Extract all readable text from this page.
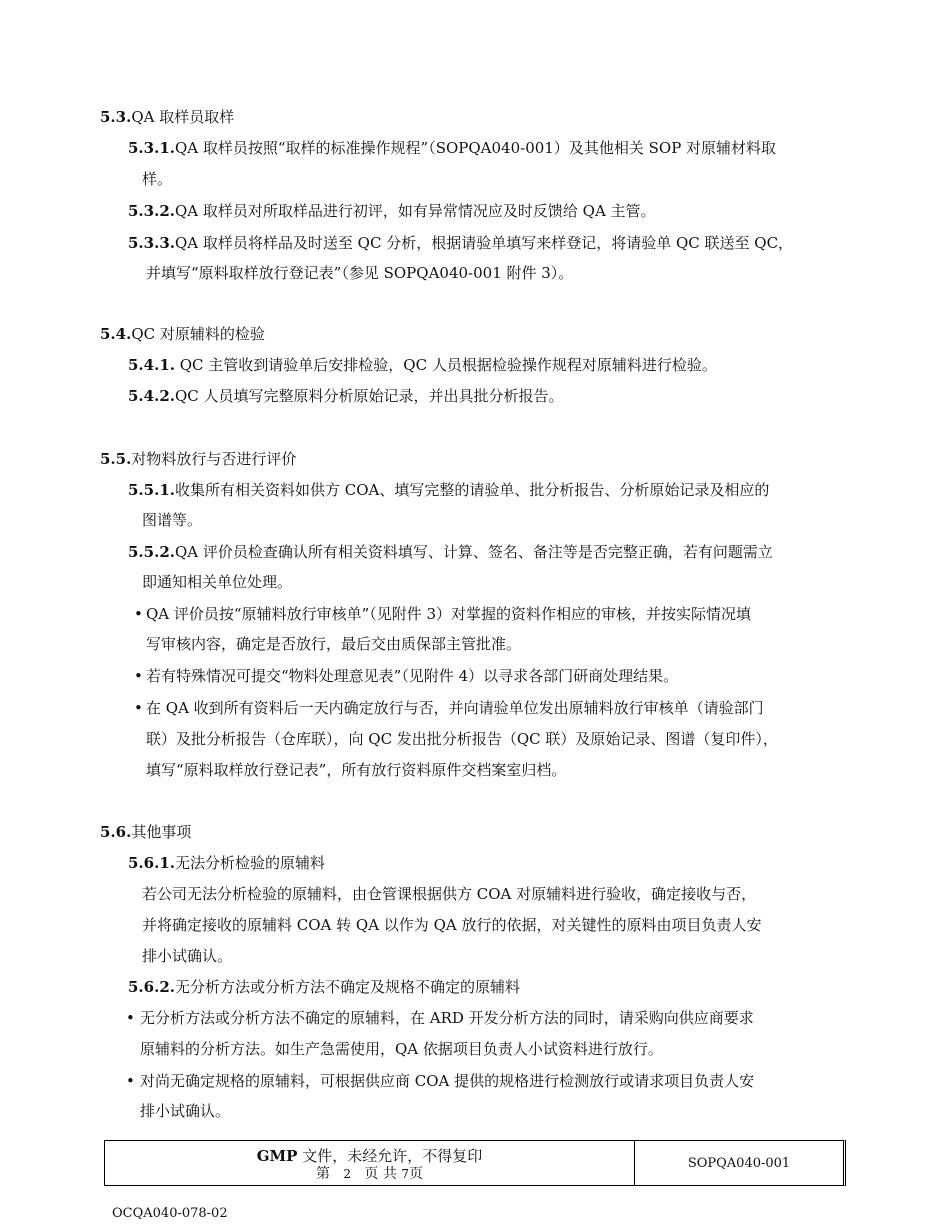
5.3.QA 取样员取样
5.3.1.QA 取样员按照“取样的标准操作规程”（SOPQA040-001）及其他相关 SOP 对原辅材料取
样。
5.3.2.QA 取样员对所取样品进行初评，如有异常情况应及时反馈给 QA 主管。
5.3.3.QA 取样员将样品及时送至 QC 分析，根据请验单填写来样登记，将请验单 QC 联送至 QC，
并填写“原料取样放行登记表”（参见 SOPQA040-001 附件 3）。
5.4.QC 对原辅料的检验
5.4.1. QC 主管收到请验单后安排检验，QC 人员根据检验操作规程对原辅料进行检验。
5.4.2.QC 人员填写完整原料分析原始记录，并出具批分析报告。
5.5.对物料放行与否进行评价
5.5.1.收集所有相关资料如供方 COA、填写完整的请验单、批分析报告、分析原始记录及相应的
图谱等。
5.5.2.QA 评价员检查确认所有相关资料填写、计算、签名、备注等是否完整正确，若有问题需立
即通知相关单位处理。
• QA 评价员按“原辅料放行审核单”（见附件 3）对掌握的资料作相应的审核，并按实际情况填
写审核内容，确定是否放行，最后交由质保部主管批准。
• 若有特殊情况可提交“物料处理意见表”（见附件 4）以寻求各部门研商处理结果。
• 在 QA 收到所有资料后一天内确定放行与否，并向请验单位发出原辅料放行审核单（请验部门
联）及批分析报告（仓库联），向 QC 发出批分析报告（QC 联）及原始记录、图谱（复印件），
填写“原料取样放行登记表”，所有放行资料原件交档案室归档。
5.6.其他事项
5.6.1.无法分析检验的原辅料
若公司无法分析检验的原辅料，由仓管课根据供方 COA 对原辅料进行验收，确定接收与否，
并将确定接收的原辅料 COA 转 QA 以作为 QA 放行的依据，对关键性的原料由项目负责人安
排小试确认。
5.6.2.无分析方法或分析方法不确定及规格不确定的原辅料
• 无分析方法或分析方法不确定的原辅料，在 ARD 开发分析方法的同时，请采购向供应商要求
原辅料的分析方法。如生产急需使用，QA 依据项目负责人小试资料进行放行。
• 对尚无确定规格的原辅料，可根据供应商 COA 提供的规格进行检测放行或请求项目负责人安
排小试确认。
GMP 文件，未经允许，不得复印
第 2 页 共 7页
SOPQA040-001
OCQA040-078-02
